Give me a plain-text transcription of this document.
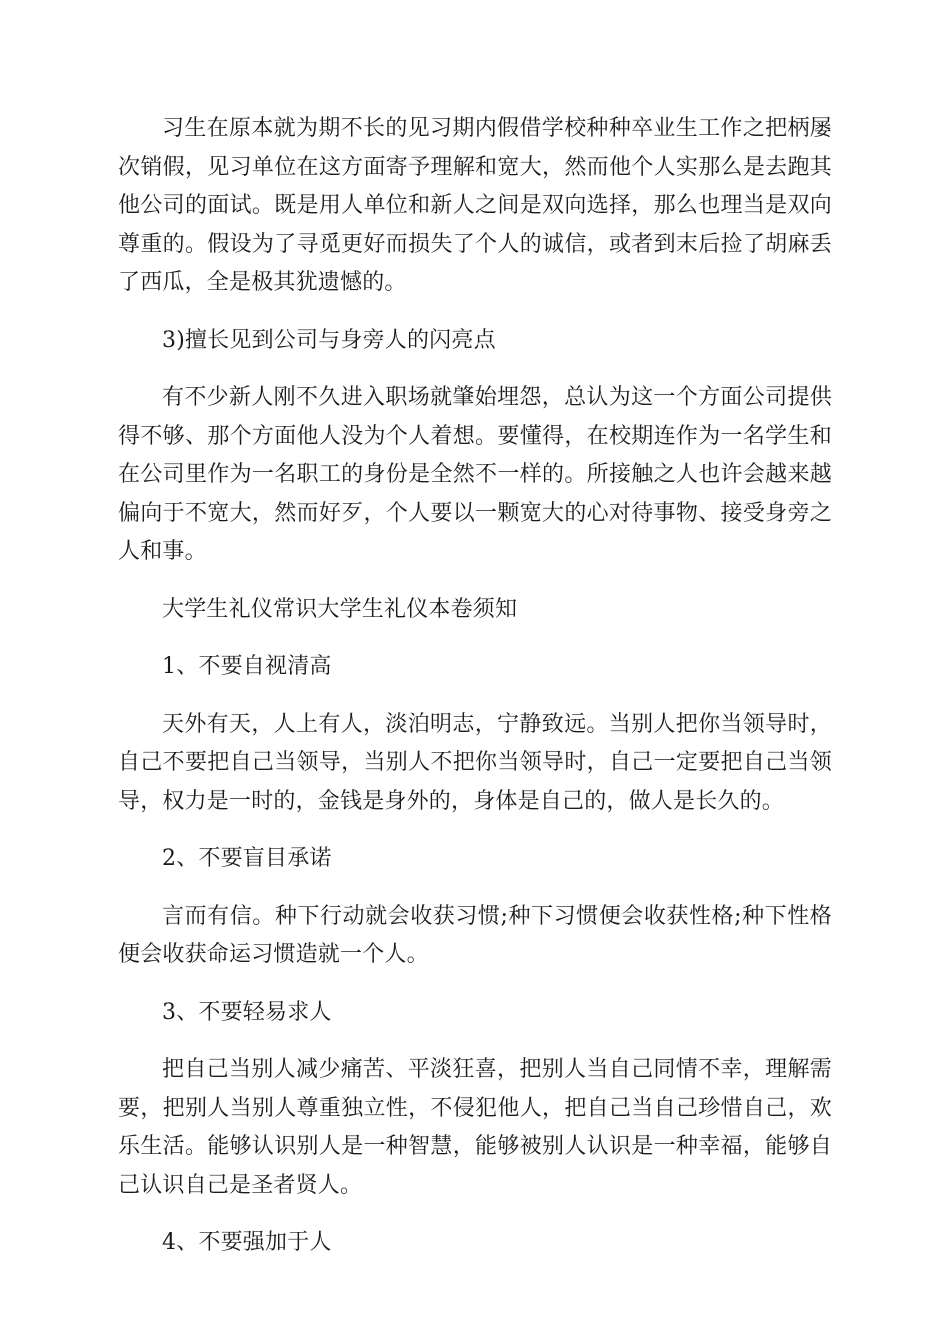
习生在原本就为期不长的见习期内假借学校种种卒业生工作之把柄屡次销假，见习单位在这方面寄予理解和宽大，然而他个人实那么是去跑其他公司的面试。既是用人单位和新人之间是双向选择，那么也理当是双向尊重的。假设为了寻觅更好而损失了个人的诚信，或者到末后捡了胡麻丢了西瓜，全是极其犹遗憾的。

3)擅长见到公司与身旁人的闪亮点

有不少新人刚不久进入职场就肇始埋怨，总认为这一个方面公司提供得不够、那个方面他人没为个人着想。要懂得，在校期连作为一名学生和在公司里作为一名职工的身份是全然不一样的。所接触之人也许会越来越偏向于不宽大，然而好歹，个人要以一颗宽大的心对待事物、接受身旁之人和事。

大学生礼仪常识大学生礼仪本卷须知

1、不要自视清高

天外有天，人上有人，淡泊明志，宁静致远。当别人把你当领导时，自己不要把自己当领导，当别人不把你当领导时，自己一定要把自己当领导，权力是一时的，金钱是身外的，身体是自己的，做人是长久的。

2、不要盲目承诺

言而有信。种下行动就会收获习惯;种下习惯便会收获性格;种下性格便会收获命运习惯造就一个人。

3、不要轻易求人

把自己当别人减少痛苦、平淡狂喜，把别人当自己同情不幸，理解需要，把别人当别人尊重独立性，不侵犯他人，把自己当自己珍惜自己，欢乐生活。能够认识别人是一种智慧，能够被别人认识是一种幸福，能够自己认识自己是圣者贤人。

4、不要强加于人
